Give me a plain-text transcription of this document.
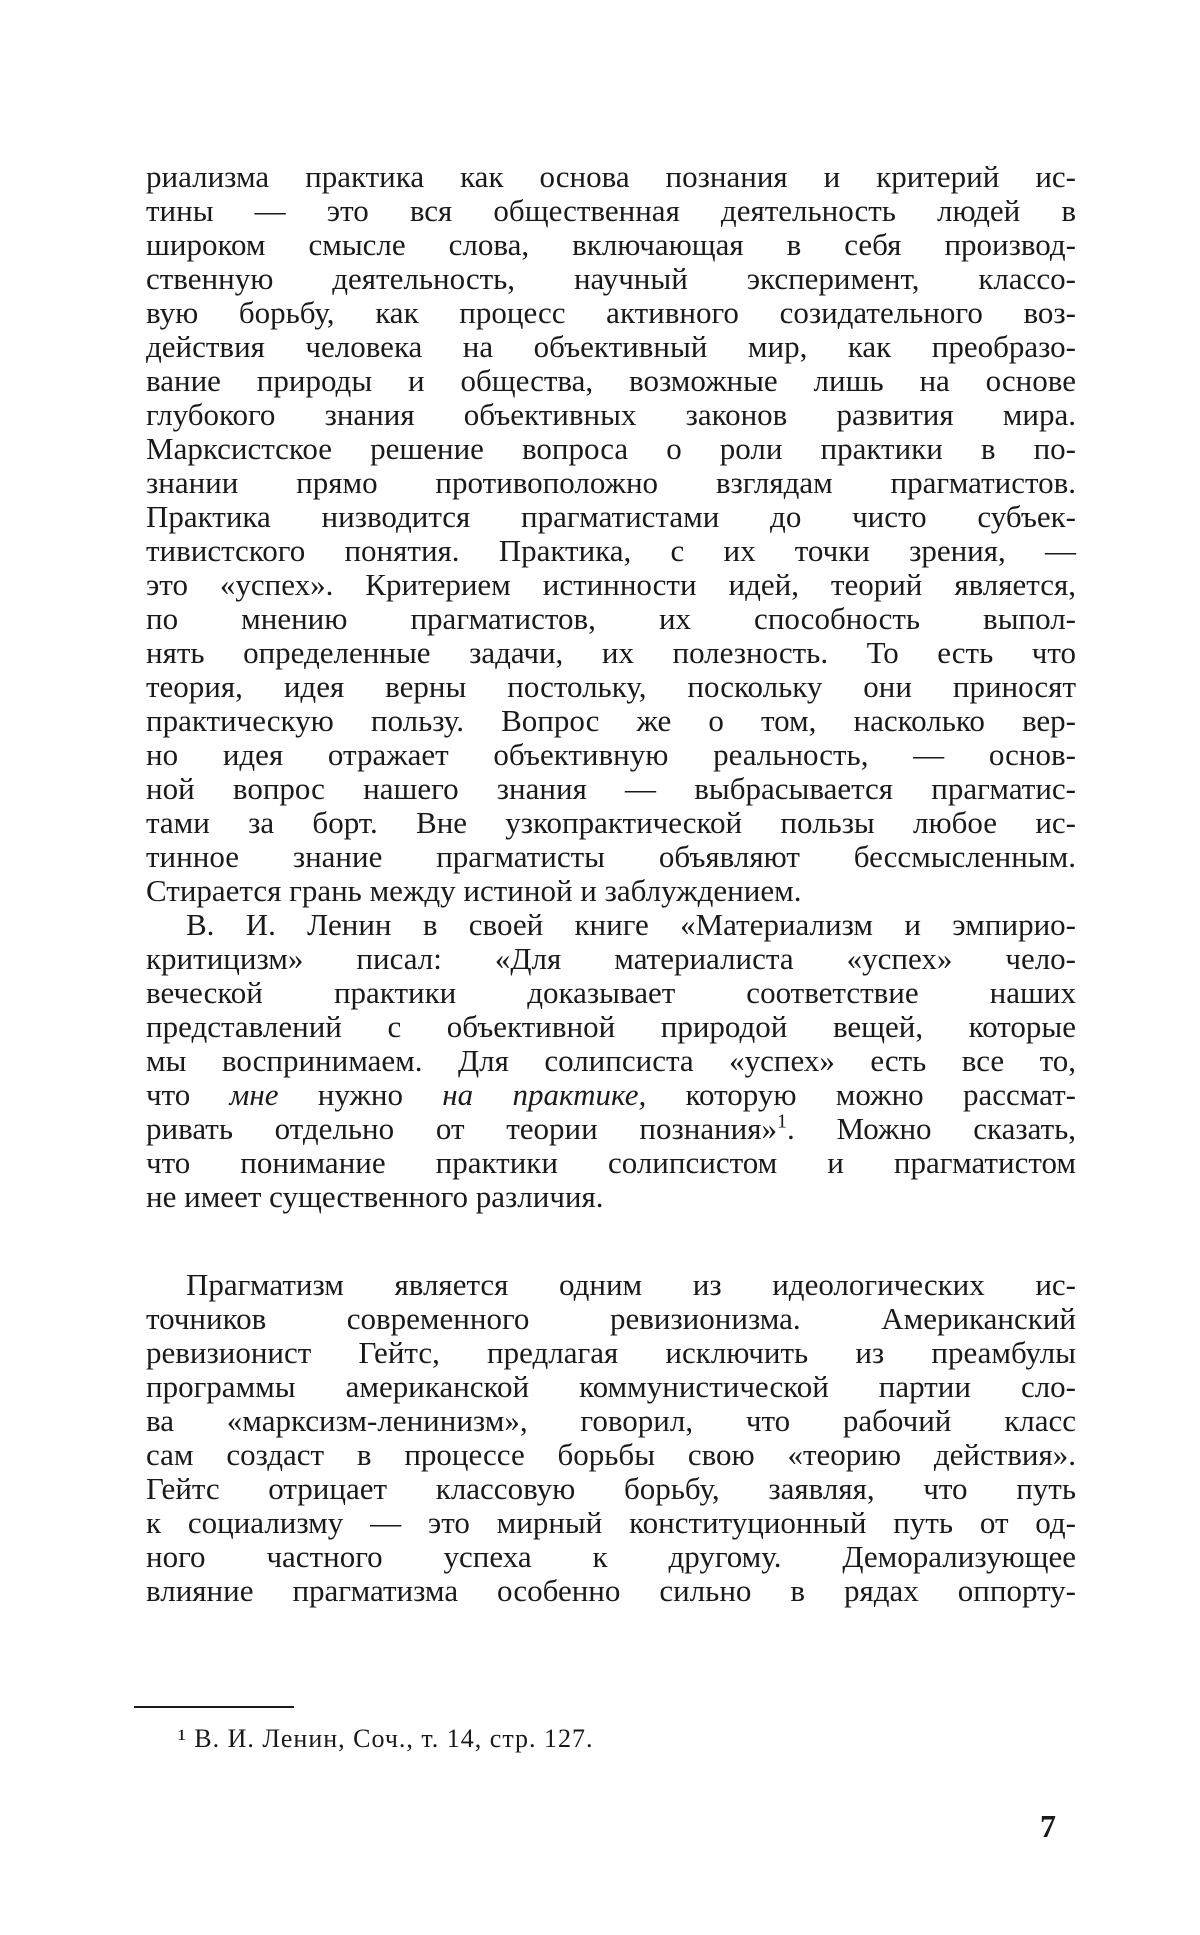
риализма практика как основа познания и критерий ис-
тины — это вся общественная деятельность людей в
широком смысле слова, включающая в себя производ-
ственную деятельность, научный эксперимент, классо-
вую борьбу, как процесс активного созидательного воз-
действия человека на объективный мир, как преобразо-
вание природы и общества, возможные лишь на основе
глубокого знания объективных законов развития мира.
Марксистское решение вопроса о роли практики в по-
знании прямо противоположно взглядам прагматистов.
Практика низводится прагматистами до чисто субъек-
тивистского понятия. Практика, с их точки зрения, —
это «успех». Критерием истинности идей, теорий является,
по мнению прагматистов, их способность выпол-
нять определенные задачи, их полезность. То есть что
теория, идея верны постольку, поскольку они приносят
практическую пользу. Вопрос же о том, насколько вер-
но идея отражает объективную реальность, — основ-
ной вопрос нашего знания — выбрасывается прагматис-
тами за борт. Вне узкопрактической пользы любое ис-
тинное знание прагматисты объявляют бессмысленным.
Стирается грань между истиной и заблуждением.
В. И. Ленин в своей книге «Материализм и эмпирио-
критицизм» писал: «Для материалиста «успех» чело-
веческой практики доказывает соответствие наших
представлений с объективной природой вещей, которые
мы воспринимаем. Для солипсиста «успех» есть все то,
что мне нужно на практике, которую можно рассмат-
ривать отдельно от теории познания»$^1$. Можно сказать,
что понимание практики солипсистом и прагматистом
не имеет существенного различия.
Прагматизм является одним из идеологических ис-
точников современного ревизионизма. Американский
ревизионист Гейтс, предлагая исключить из преамбулы
программы американской коммунистической партии сло-
ва «марксизм-ленинизм», говорил, что рабочий класс
сам создаст в процессе борьбы свою «теорию действия».
Гейтс отрицает классовую борьбу, заявляя, что путь
к социализму — это мирный конституционный путь от од-
ного частного успеха к другому. Деморализующее
влияние прагматизма особенно сильно в рядах оппорту-
¹ В. И. Ленин, Соч., т. 14, стр. 127.
7
